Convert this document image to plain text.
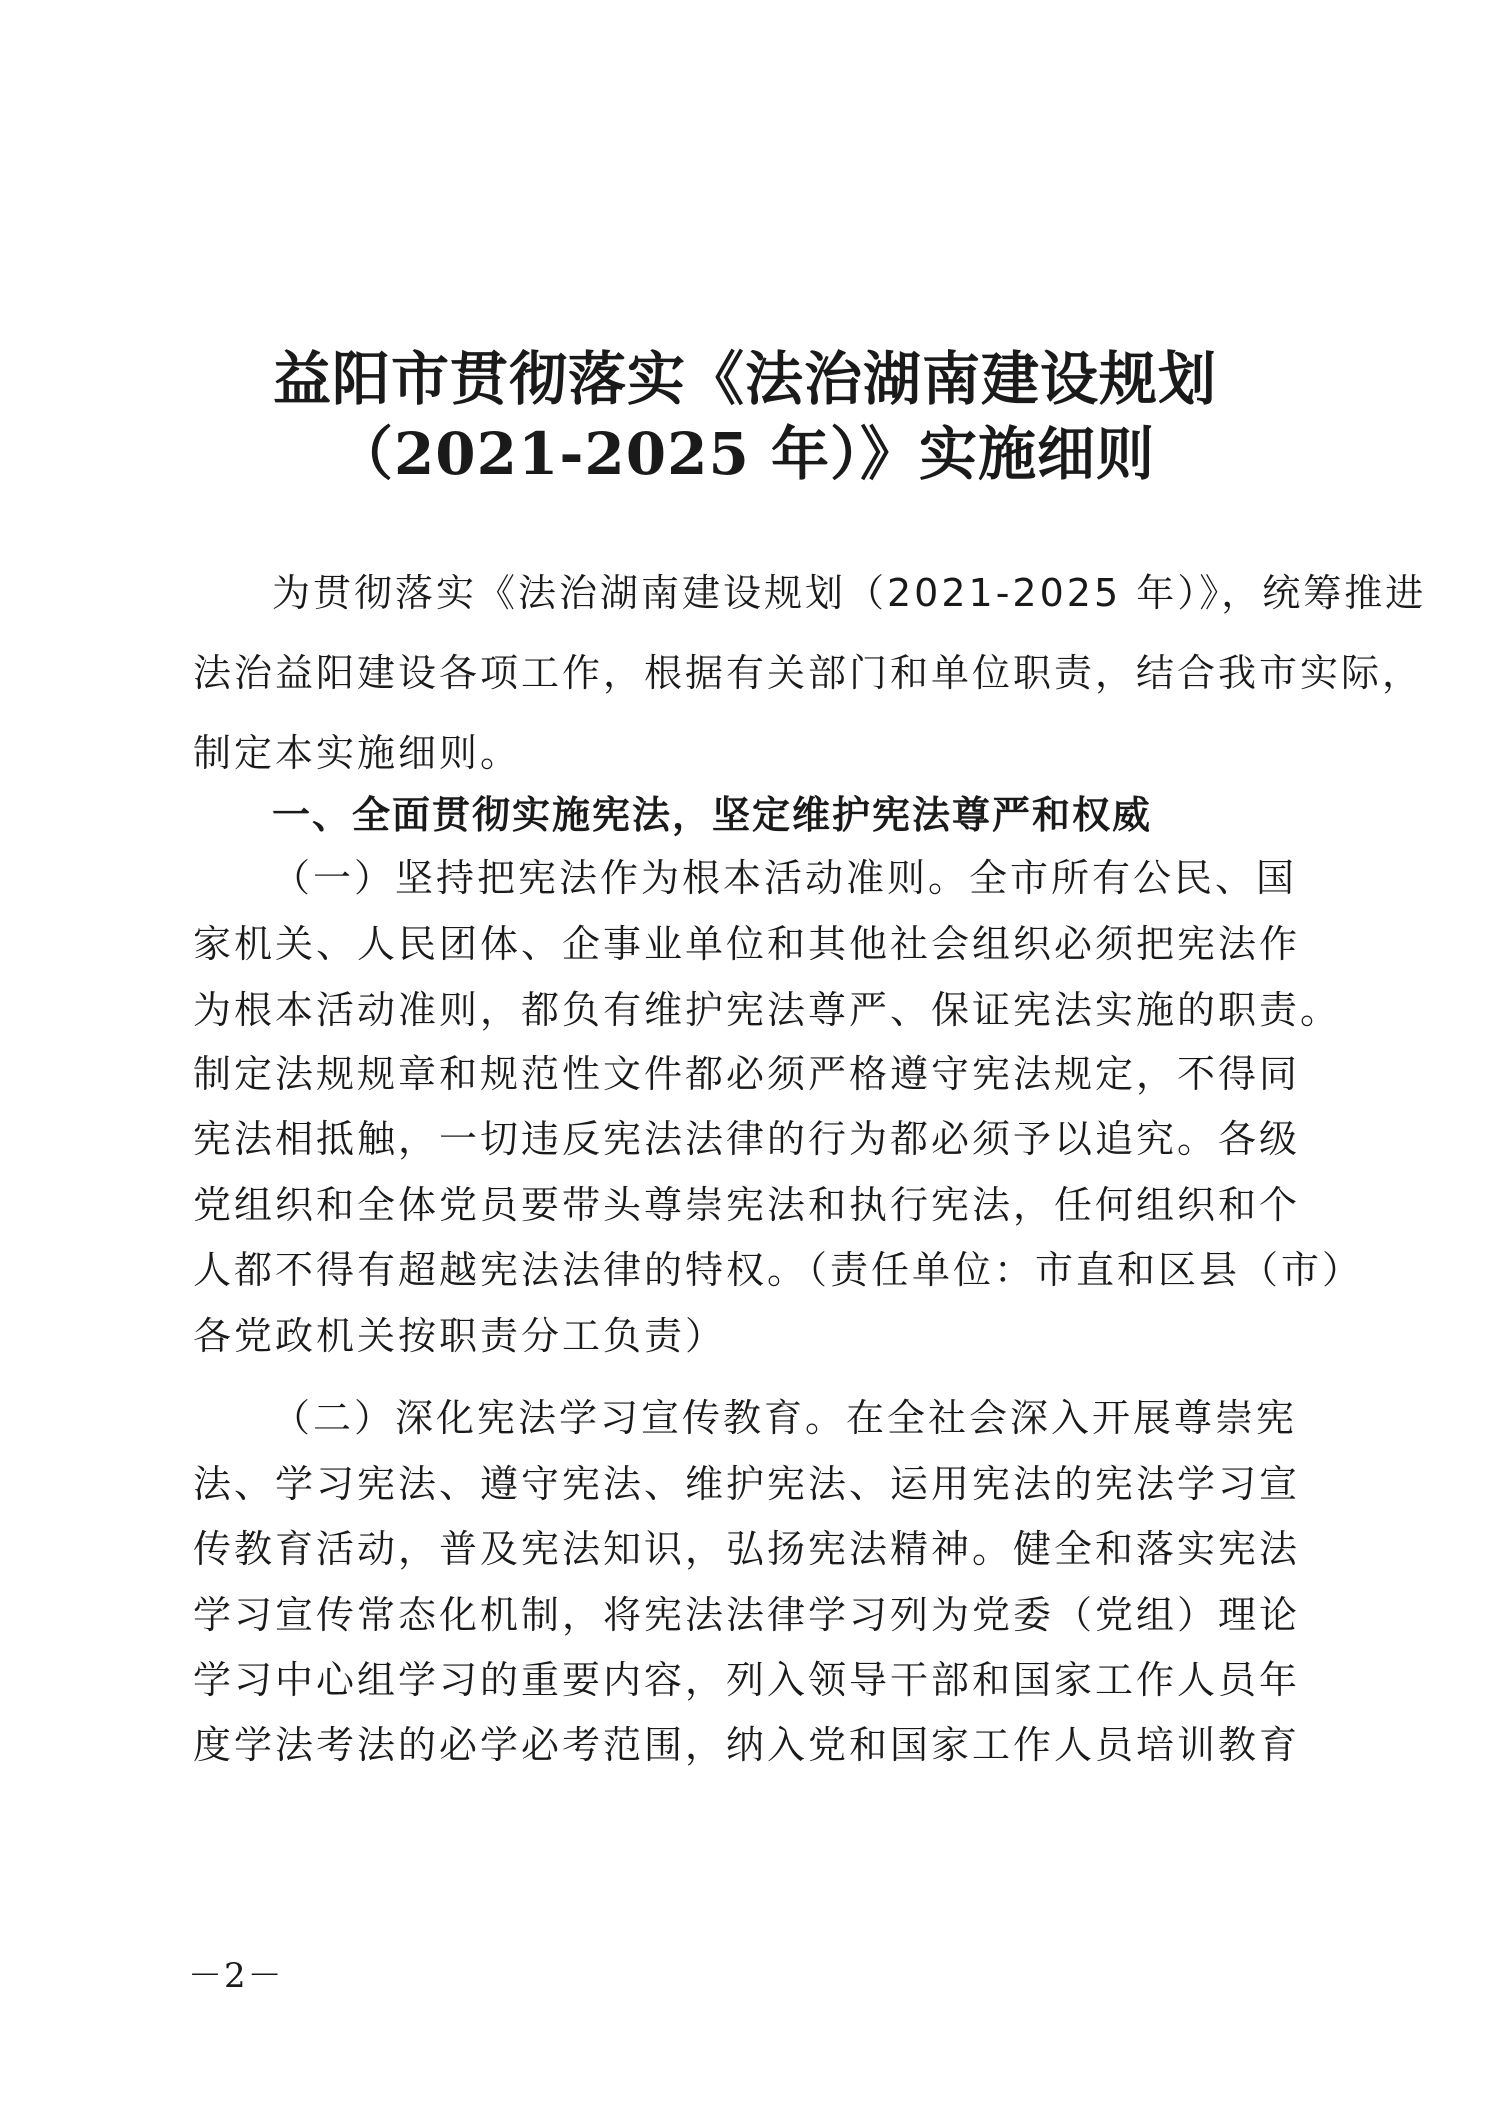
益阳市贯彻落实《法治湖南建设规划
（2021-2025 年）》实施细则
为贯彻落实《法治湖南建设规划（2021-2025 年）》，统筹推进
法治益阳建设各项工作，根据有关部门和单位职责，结合我市实际，
制定本实施细则。
一、全面贯彻实施宪法，坚定维护宪法尊严和权威
（一）坚持把宪法作为根本活动准则。全市所有公民、国
家机关、人民团体、企事业单位和其他社会组织必须把宪法作
为根本活动准则，都负有维护宪法尊严、保证宪法实施的职责。
制定法规规章和规范性文件都必须严格遵守宪法规定，不得同
宪法相抵触，一切违反宪法法律的行为都必须予以追究。各级
党组织和全体党员要带头尊崇宪法和执行宪法，任何组织和个
人都不得有超越宪法法律的特权。（责任单位：市直和区县（市）
各党政机关按职责分工负责）
（二）深化宪法学习宣传教育。在全社会深入开展尊崇宪
法、学习宪法、遵守宪法、维护宪法、运用宪法的宪法学习宣
传教育活动，普及宪法知识，弘扬宪法精神。健全和落实宪法
学习宣传常态化机制，将宪法法律学习列为党委（党组）理论
学习中心组学习的重要内容，列入领导干部和国家工作人员年
度学法考法的必学必考范围，纳入党和国家工作人员培训教育
－2－
